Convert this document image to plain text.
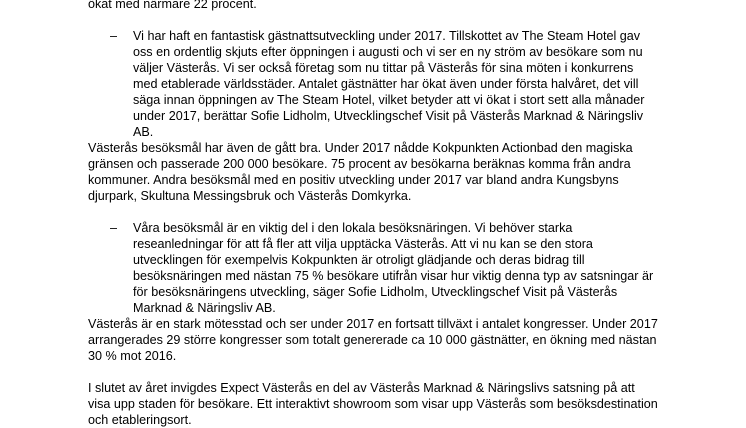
ökat med närmare 22 procent.
– Vi har haft en fantastisk gästnattsutveckling under 2017. Tillskottet av The Steam Hotel gav
oss en ordentlig skjuts efter öppningen i augusti och vi ser en ny ström av besökare som nu
väljer Västerås. Vi ser också företag som nu tittar på Västerås för sina möten i konkurrens
med etablerade världsstäder. Antalet gästnätter har ökat även under första halvåret, det vill
säga innan öppningen av The Steam Hotel, vilket betyder att vi ökat i stort sett alla månader
under 2017, berättar Sofie Lidholm, Utvecklingschef Visit på Västerås Marknad & Näringsliv
AB.
Västerås besöksmål har även de gått bra. Under 2017 nådde Kokpunkten Actionbad den magiska
gränsen och passerade 200 000 besökare. 75 procent av besökarna beräknas komma från andra
kommuner. Andra besöksmål med en positiv utveckling under 2017 var bland andra Kungsbyns
djurpark, Skultuna Messingsbruk och Västerås Domkyrka.
– Våra besöksmål är en viktig del i den lokala besöksnäringen. Vi behöver starka
reseanledningar för att få fler att vilja upptäcka Västerås. Att vi nu kan se den stora
utvecklingen för exempelvis Kokpunkten är otroligt glädjande och deras bidrag till
besöksnäringen med nästan 75 % besökare utifrån visar hur viktig denna typ av satsningar är
för besöksnäringens utveckling, säger Sofie Lidholm, Utvecklingschef Visit på Västerås
Marknad & Näringsliv AB.
Västerås är en stark mötesstad och ser under 2017 en fortsatt tillväxt i antalet kongresser. Under 2017
arrangerades 29 större kongresser som totalt genererade ca 10 000 gästnätter, en ökning med nästan
30 % mot 2016.
I slutet av året invigdes Expect Västerås en del av Västerås Marknad & Näringslivs satsning på att
visa upp staden för besökare. Ett interaktivt showroom som visar upp Västerås som besöksdestination
och etableringsort.
